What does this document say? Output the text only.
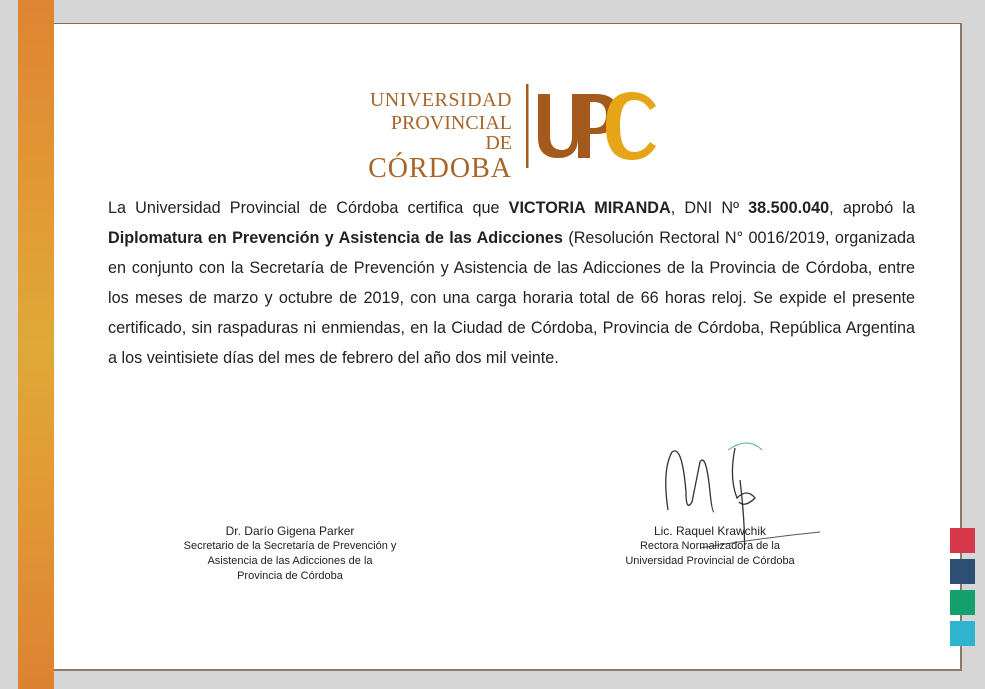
UNIVERSIDAD
PROVINCIAL DE
CÓRDOBA
La Universidad Provincial de Córdoba certifica que VICTORIA MIRANDA, DNI Nº 38.500.040, aprobó la Diplomatura en Prevención y Asistencia de las Adicciones (Resolución Rectoral N° 0016/2019, organizada en conjunto con la Secretaría de Prevención y Asistencia de las Adicciones de la Provincia de Córdoba, entre los meses de marzo y octubre de 2019, con una carga horaria total de 66 horas reloj. Se expide el presente certificado, sin raspaduras ni enmiendas, en la Ciudad de Córdoba, Provincia de Córdoba, República Argentina a los veintisiete días del mes de febrero del año dos mil veinte.
Dr. Darío Gigena Parker
Secretario de la Secretaría de Prevención y
Asistencia de las Adicciones de la
Provincia de Córdoba
Lic. Raquel Krawchik
Rectora Normalizadora de la
Universidad Provincial de Córdoba
